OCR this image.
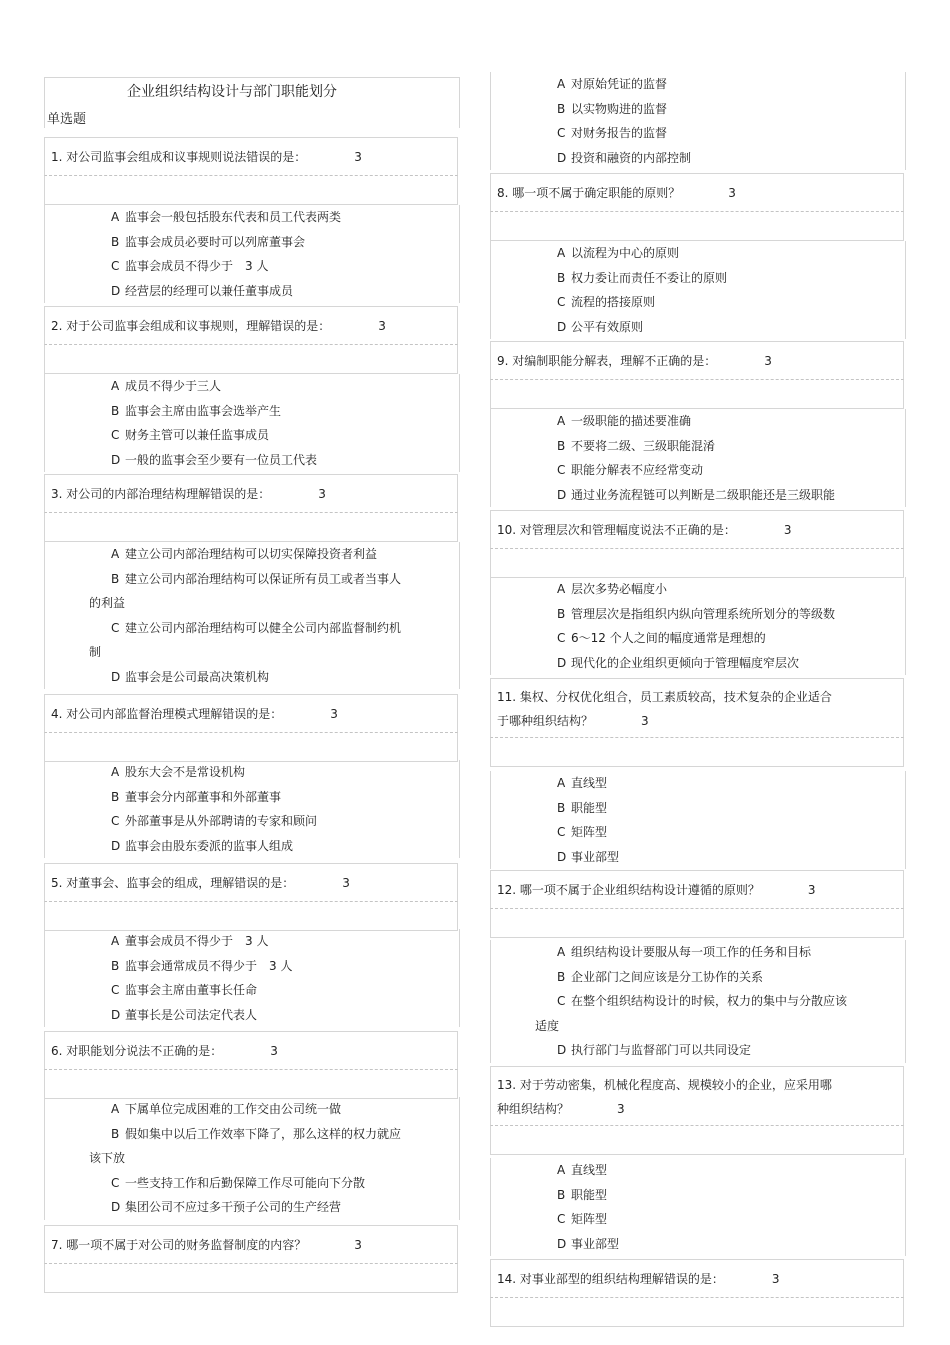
企业组织结构设计与部门职能划分
单选题
1. 对公司监事会组成和议事规则说法错误的是：	3
A 监事会一般包括股东代表和员工代表两类
B 监事会成员必要时可以列席董事会
C 监事会成员不得少于　3 人
D 经营层的经理可以兼任董事成员
2. 对于公司监事会组成和议事规则，理解错误的是：	3
A 成员不得少于三人
B 监事会主席由监事会选举产生
C 财务主管可以兼任监事成员
D 一般的监事会至少要有一位员工代表
3. 对公司的内部治理结构理解错误的是：	3
A 建立公司内部治理结构可以切实保障投资者利益
B 建立公司内部治理结构可以保证所有员工或者当事人
的利益
C 建立公司内部治理结构可以健全公司内部监督制约机
制
D 监事会是公司最高决策机构
4. 对公司内部监督治理模式理解错误的是：	3
A 股东大会不是常设机构
B 董事会分内部董事和外部董事
C 外部董事是从外部聘请的专家和顾问
D 监事会由股东委派的监事人组成
5. 对董事会、监事会的组成，理解错误的是：	3
A 董事会成员不得少于　3 人
B 监事会通常成员不得少于　3 人
C 监事会主席由董事长任命
D 董事长是公司法定代表人
6. 对职能划分说法不正确的是：	3
A 下属单位完成困难的工作交由公司统一做
B 假如集中以后工作效率下降了，那么这样的权力就应
该下放
C 一些支持工作和后勤保障工作尽可能向下分散
D 集团公司不应过多干预子公司的生产经营
7. 哪一项不属于对公司的财务监督制度的内容？	3
A 对原始凭证的监督
B 以实物购进的监督
C 对财务报告的监督
D 投资和融资的内部控制
8. 哪一项不属于确定职能的原则？	3
A 以流程为中心的原则
B 权力委让而责任不委让的原则
C 流程的搭接原则
D 公平有效原则
9. 对编制职能分解表，理解不正确的是：	3
A 一级职能的描述要准确
B 不要将二级、三级职能混淆
C 职能分解表不应经常变动
D 通过业务流程链可以判断是二级职能还是三级职能
10. 对管理层次和管理幅度说法不正确的是：	3
A 层次多势必幅度小
B 管理层次是指组织内纵向管理系统所划分的等级数
C 6～12 个人之间的幅度通常是理想的
D 现代化的企业组织更倾向于管理幅度窄层次
11. 集权、分权优化组合，员工素质较高，技术复杂的企业适合
于哪种组织结构？	3
A 直线型
B 职能型
C 矩阵型
D 事业部型
12. 哪一项不属于企业组织结构设计遵循的原则？	3
A 组织结构设计要服从每一项工作的任务和目标
B 企业部门之间应该是分工协作的关系
C 在整个组织结构设计的时候，权力的集中与分散应该
适度
D 执行部门与监督部门可以共同设定
13. 对于劳动密集，机械化程度高、规模较小的企业，应采用哪
种组织结构？	3
A 直线型
B 职能型
C 矩阵型
D 事业部型
14. 对事业部型的组织结构理解错误的是：	3
